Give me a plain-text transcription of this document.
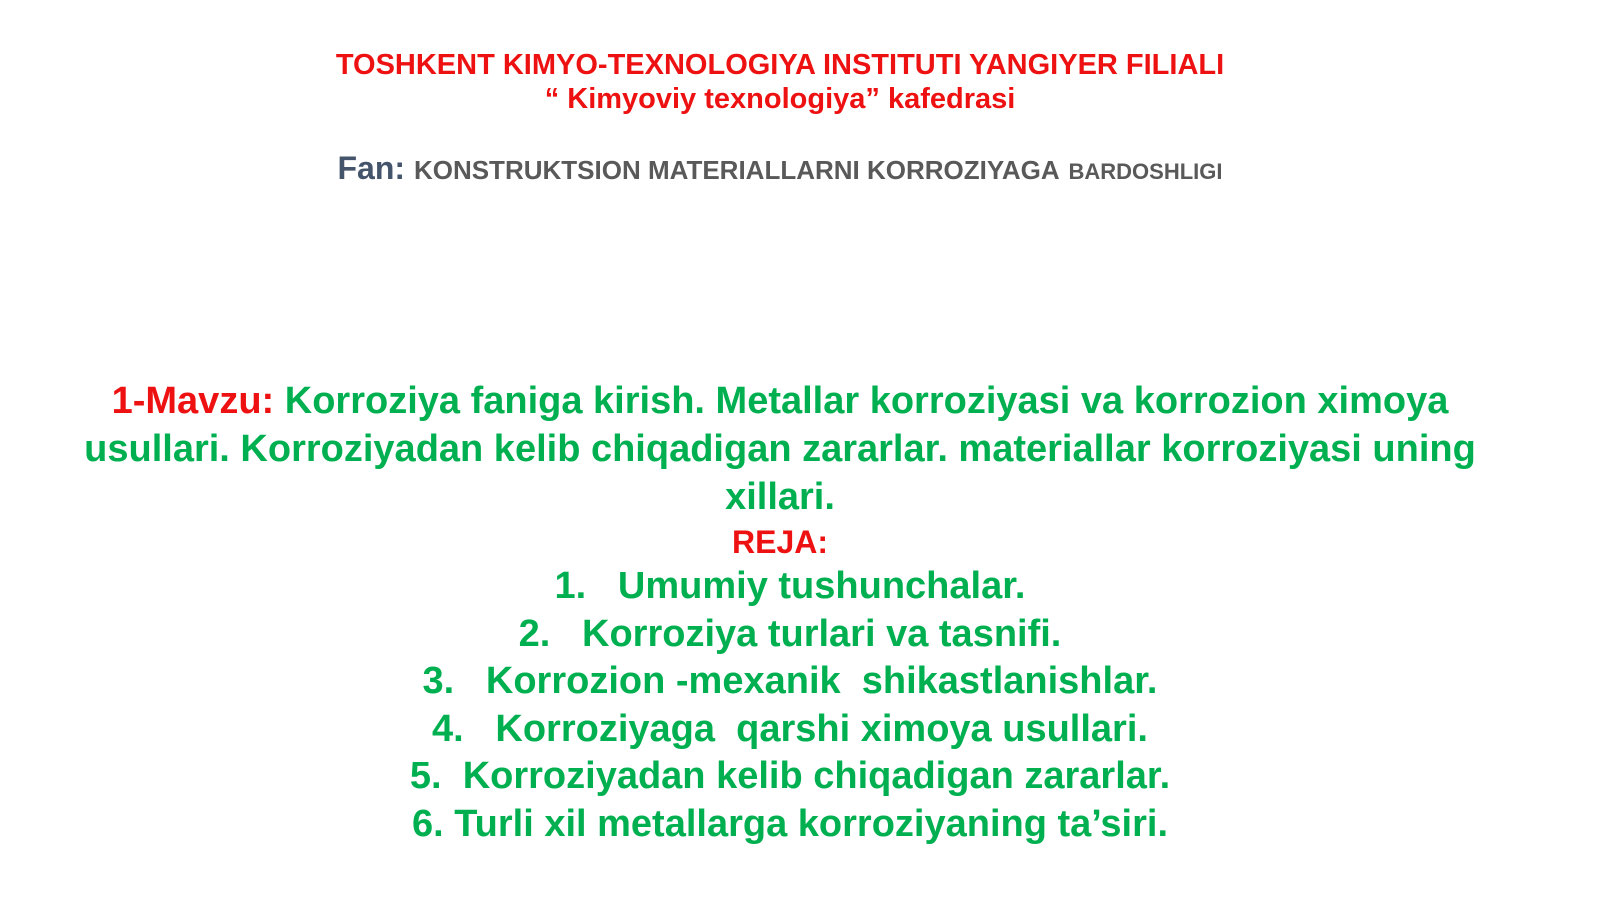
TOSHKENT KIMYO-TEXNOLOGIYA INSTITUTI YANGIYER FILIALI
“ Kimyoviy texnologiya” kafedrasi
Fan: KONSTRUKTSION MATERIALLARNI KORROZIYAGA BARDOSHLIGI
1-Mavzu: Korroziya faniga kirish. Metallar korroziyasi va korrozion ximoya usullari. Korroziyadan kelib chiqadigan zararlar. materiallar korroziyasi uning xillari.
REJA:
1. Umumiy tushunchalar.
2. Korroziya turlari va tasnifi.
3. Korrozion -mexanik  shikastlanishlar.
4. Korroziyaga  qarshi ximoya usullari.
5. Korroziyadan kelib chiqadigan zararlar.
6. Turli xil metallarga korroziyaning ta’siri.
